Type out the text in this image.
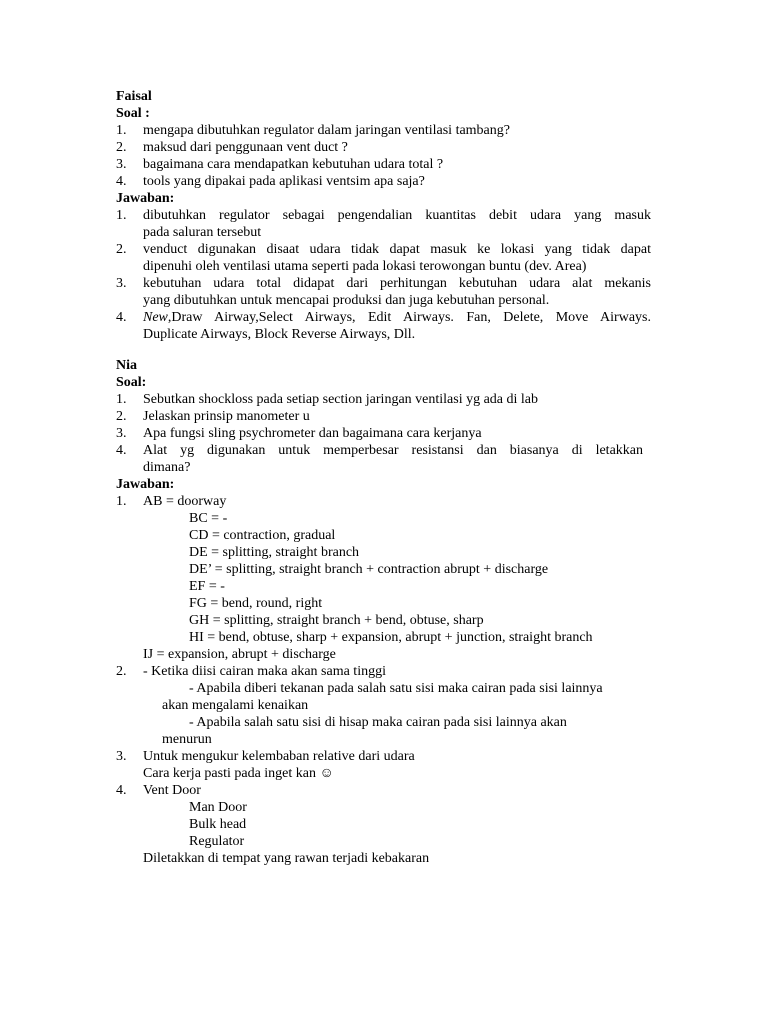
Faisal
Soal :
1. mengapa dibutuhkan regulator dalam jaringan ventilasi tambang?
2. maksud dari penggunaan vent duct ?
3. bagaimana cara mendapatkan kebutuhan udara total ?
4. tools yang dipakai pada aplikasi ventsim apa saja?
Jawaban:
1. dibutuhkan regulator sebagai pengendalian kuantitas debit udara yang masuk
pada saluran tersebut
2. venduct digunakan disaat udara tidak dapat masuk ke lokasi yang tidak dapat
dipenuhi oleh ventilasi utama seperti pada lokasi terowongan buntu (dev. Area)
3. kebutuhan udara total didapat dari perhitungan kebutuhan udara alat mekanis
yang dibutuhkan untuk mencapai produksi dan juga kebutuhan personal.
4. New,Draw Airway,Select Airways, Edit Airways. Fan, Delete, Move Airways.
Duplicate Airways, Block Reverse Airways, Dll.
Nia
Soal:
1. Sebutkan shockloss pada setiap section jaringan ventilasi yg ada di lab
2. Jelaskan prinsip manometer u
3. Apa fungsi sling psychrometer dan bagaimana cara kerjanya
4. Alat yg digunakan untuk memperbesar resistansi dan biasanya di letakkan
dimana?
Jawaban:
1. AB = doorway
BC = -
CD = contraction, gradual
DE = splitting, straight branch
DE’ = splitting, straight branch + contraction abrupt + discharge
EF = -
FG = bend, round, right
GH = splitting, straight branch + bend, obtuse, sharp
HI = bend, obtuse, sharp + expansion, abrupt + junction, straight branch
IJ = expansion, abrupt + discharge
2. - Ketika diisi cairan maka akan sama tinggi
- Apabila diberi tekanan pada salah satu sisi maka cairan pada sisi lainnya
akan mengalami kenaikan
- Apabila salah satu sisi di hisap maka cairan pada sisi lainnya akan
menurun
3. Untuk mengukur kelembaban relative dari udara
Cara kerja pasti pada inget kan ☺
4. Vent Door
Man Door
Bulk head
Regulator
Diletakkan di tempat yang rawan terjadi kebakaran
